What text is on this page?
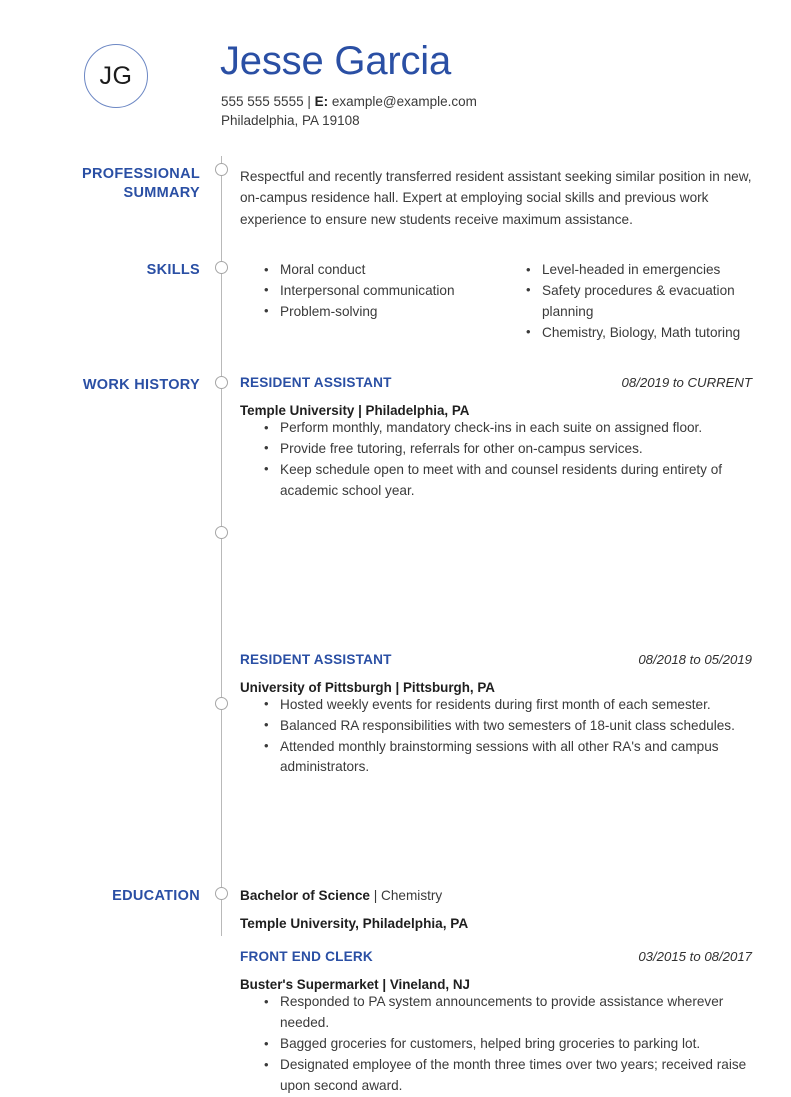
JG Jesse Garcia
555 555 5555 | E: example@example.com
Philadelphia, PA 19108
PROFESSIONAL
SUMMARY
Respectful and recently transferred resident assistant seeking similar position in new, on-campus residence hall. Expert at employing social skills and previous work experience to ensure new students receive maximum assistance.
SKILLS	• Moral conduct
• Interpersonal communication
• Problem-solving
• Level-headed in emergencies
• Safety procedures & evacuation planning
• Chemistry, Biology, Math tutoring
WORK HISTORY	RESIDENT ASSISTANT	08/2019 to CURRENT
Temple University | Philadelphia, PA
• Perform monthly, mandatory check-ins in each suite on assigned floor.
• Provide free tutoring, referrals for other on-campus services.
• Keep schedule open to meet with and counsel residents during entirety of academic school year.
RESIDENT ASSISTANT	08/2018 to 05/2019
University of Pittsburgh | Pittsburgh, PA
• Hosted weekly events for residents during first month of each semester.
• Balanced RA responsibilities with two semesters of 18-unit class schedules.
• Attended monthly brainstorming sessions with all other RA's and campus administrators.
FRONT END CLERK	03/2015 to 08/2017
Buster's Supermarket | Vineland, NJ
• Responded to PA system announcements to provide assistance wherever needed.
• Bagged groceries for customers, helped bring groceries to parking lot.
• Designated employee of the month three times over two years; received raise upon second award.
EDUCATION	Bachelor of Science | Chemistry
Temple University, Philadelphia, PA
